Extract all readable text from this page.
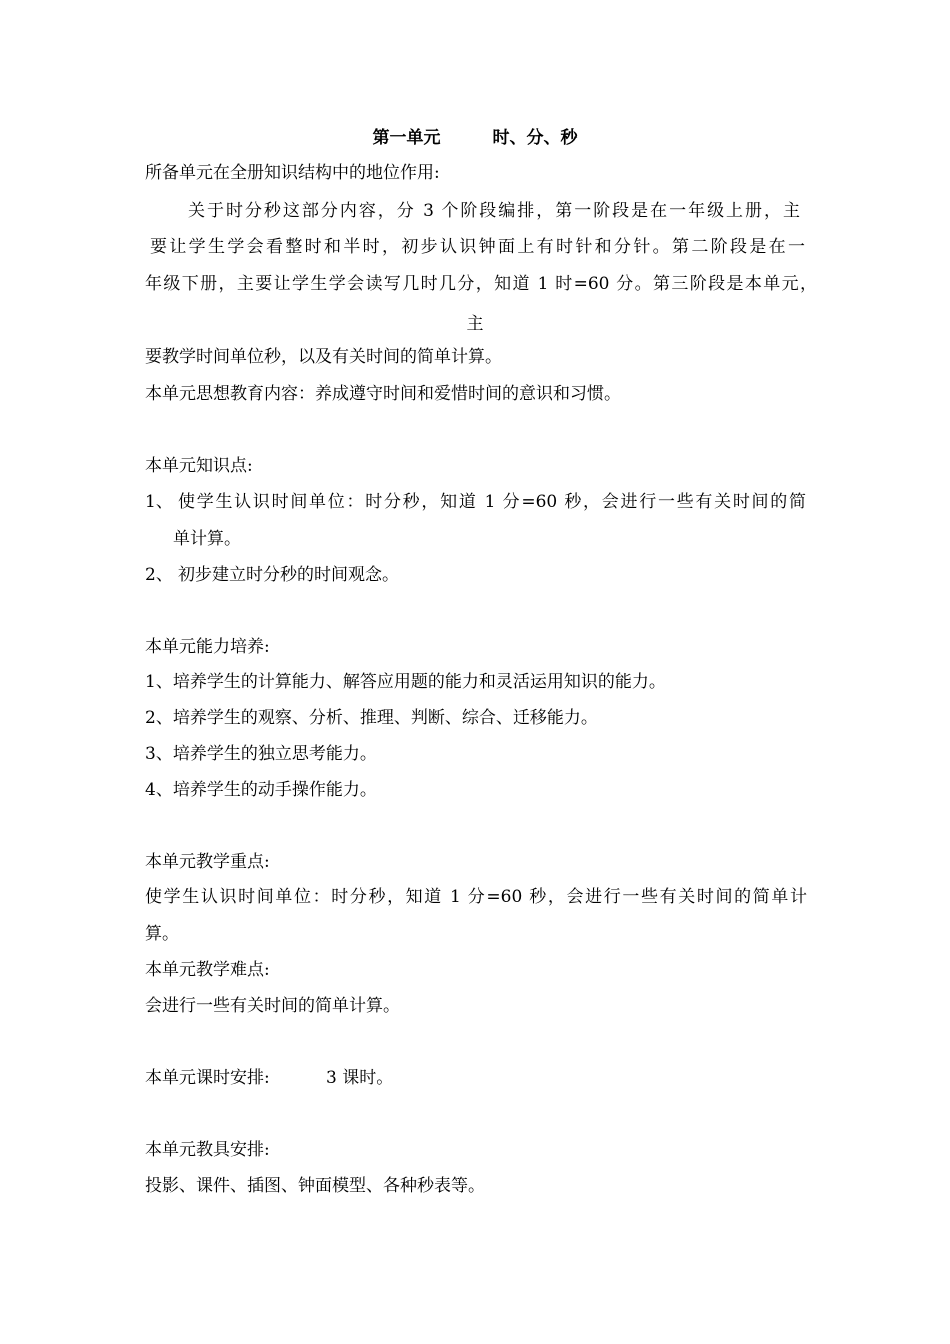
第一单元	时、分、秒
所备单元在全册知识结构中的地位作用:
关于时分秒这部分内容，分 3 个阶段编排，第一阶段是在一年级上册，主
要让学生学会看整时和半时，初步认识钟面上有时针和分针。第二阶段是在一
年级下册，主要让学生学会读写几时几分，知道 1 时=60 分。第三阶段是本单元，
主
要教学时间单位秒，以及有关时间的简单计算。
本单元思想教育内容：养成遵守时间和爱惜时间的意识和习惯。
本单元知识点:
1、 使学生认识时间单位：时分秒，知道 1 分=60 秒，会进行一些有关时间的简
单计算。
2、 初步建立时分秒的时间观念。
本单元能力培养:
1、培养学生的计算能力、解答应用题的能力和灵活运用知识的能力。
2、培养学生的观察、分析、推理、判断、综合、迁移能力。
3、培养学生的独立思考能力。
4、培养学生的动手操作能力。
本单元教学重点:
使学生认识时间单位：时分秒，知道 1 分=60 秒，会进行一些有关时间的简单计
算。
本单元教学难点:
会进行一些有关时间的简单计算。
本单元课时安排:	3 课时。
本单元教具安排:
投影、课件、插图、钟面模型、各种秒表等。
